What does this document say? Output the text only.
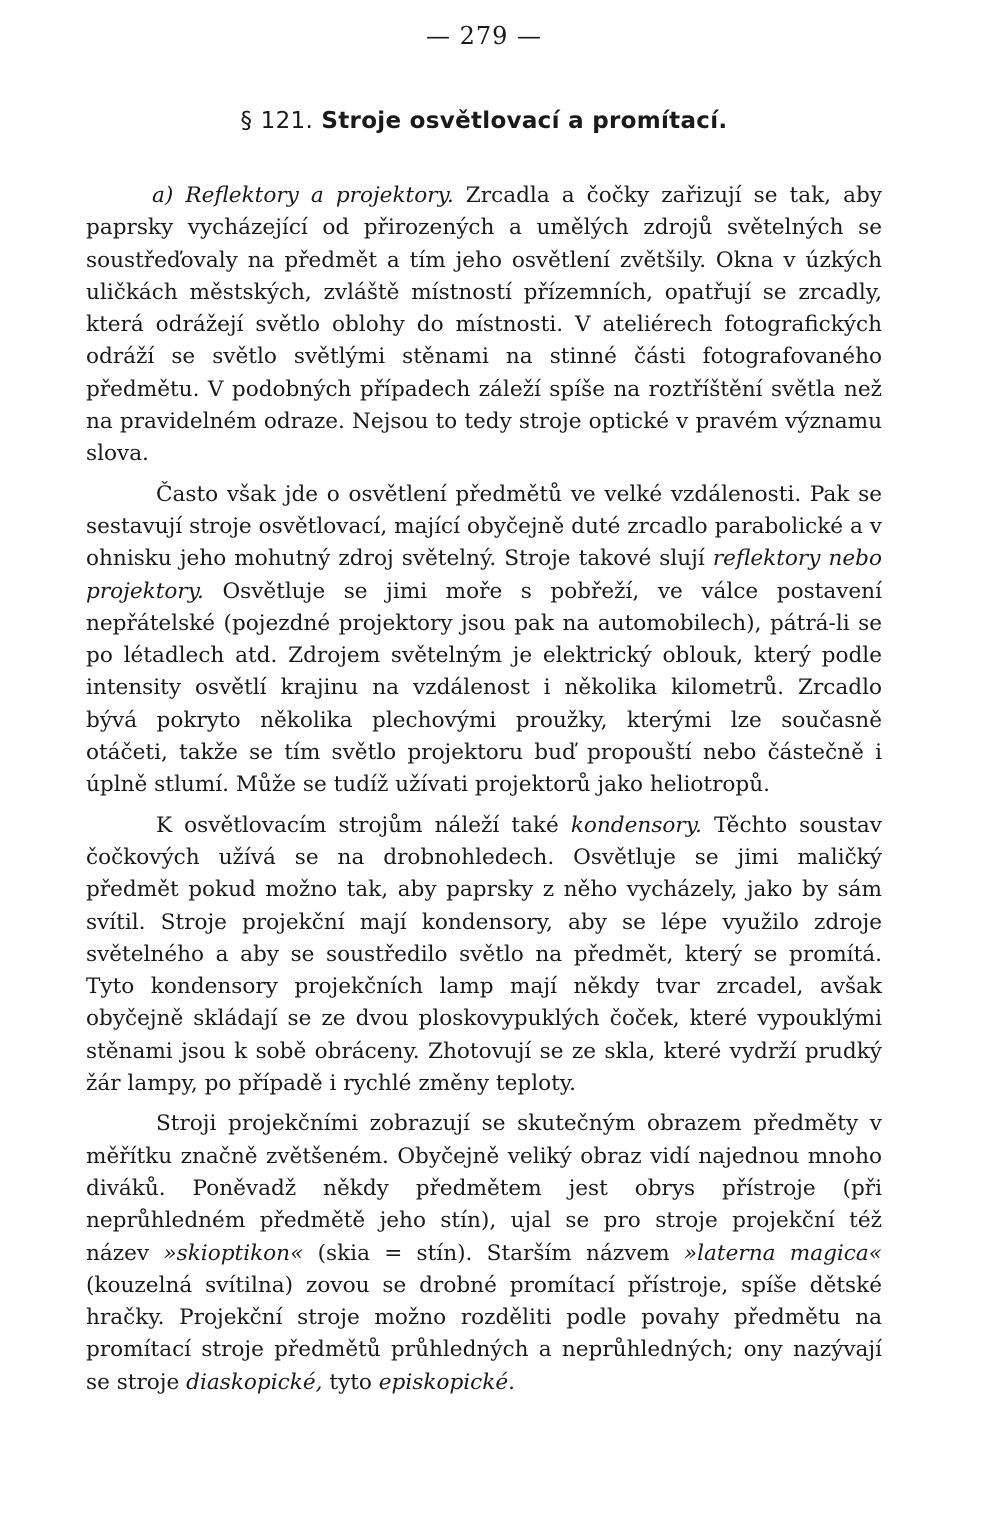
— 279 —
§ 121. Stroje osvětlovací a promítací.

a) Reflektory a projektory. Zrcadla a čočky zařizují se tak, aby paprsky vycházející od přirozených a umělých zdrojů světelných se soustřeďovaly na předmět a tím jeho osvětlení zvětšily. Okna v úzkých uličkách městských, zvláště místností přízemních, opatřují se zrcadly, která odrážejí světlo oblohy do místnosti. V ateliérech fotografických odráží se světlo světlými stěnami na stinné části fotografovaného předmětu. V podobných případech záleží spíše na roztříštění světla než na pravidelném odraze. Nejsou to tedy stroje optické v pravém významu slova.

Často však jde o osvětlení předmětů ve velké vzdálenosti. Pak se sestavují stroje osvětlovací, mající obyčejně duté zrcadlo parabolické a v ohnisku jeho mohutný zdroj světelný. Stroje takové slují reflektory nebo projektory. Osvětluje se jimi moře s pobřeží, ve válce postavení nepřátelské (pojezdné projektory jsou pak na automobilech), pátrá-li se po létadlech atd. Zdrojem světelným je elektrický oblouk, který podle intensity osvětlí krajinu na vzdálenost i několika kilometrů. Zrcadlo bývá pokryto několika plechovými proužky, kterými lze současně otáčeti, takže se tím světlo projektoru buď propouští nebo částečně i úplně stlumí. Může se tudíž užívati projektorů jako heliotropů.

K osvětlovacím strojům náleží také kondensory. Těchto soustav čočkových užívá se na drobnohledech. Osvětluje se jimi maličký předmět pokud možno tak, aby paprsky z něho vycházely, jako by sám svítil. Stroje projekční mají kondensory, aby se lépe využilo zdroje světelného a aby se soustředilo světlo na předmět, který se promítá. Tyto kondensory projekčních lamp mají někdy tvar zrcadel, avšak obyčejně skládají se ze dvou ploskovypuklých čoček, které vypouklými stěnami jsou k sobě obráceny. Zhotovují se ze skla, které vydrží prudký žár lampy, po případě i rychlé změny teploty.

Stroji projekčními zobrazují se skutečným obrazem předměty v měřítku značně zvětšeném. Obyčejně veliký obraz vidí najednou mnoho diváků. Poněvadž někdy předmětem jest obrys přístroje (při neprůhledném předmětě jeho stín), ujal se pro stroje projekční též název »skioptikon« (skia = stín). Starším názvem »laterna magica« (kouzelná svítilna) zovou se drobné promítací přístroje, spíše dětské hračky. Projekční stroje možno rozděliti podle povahy předmětu na promítací stroje předmětů průhledných a neprůhledných; ony nazývají se stroje diaskopické, tyto episkopické.
